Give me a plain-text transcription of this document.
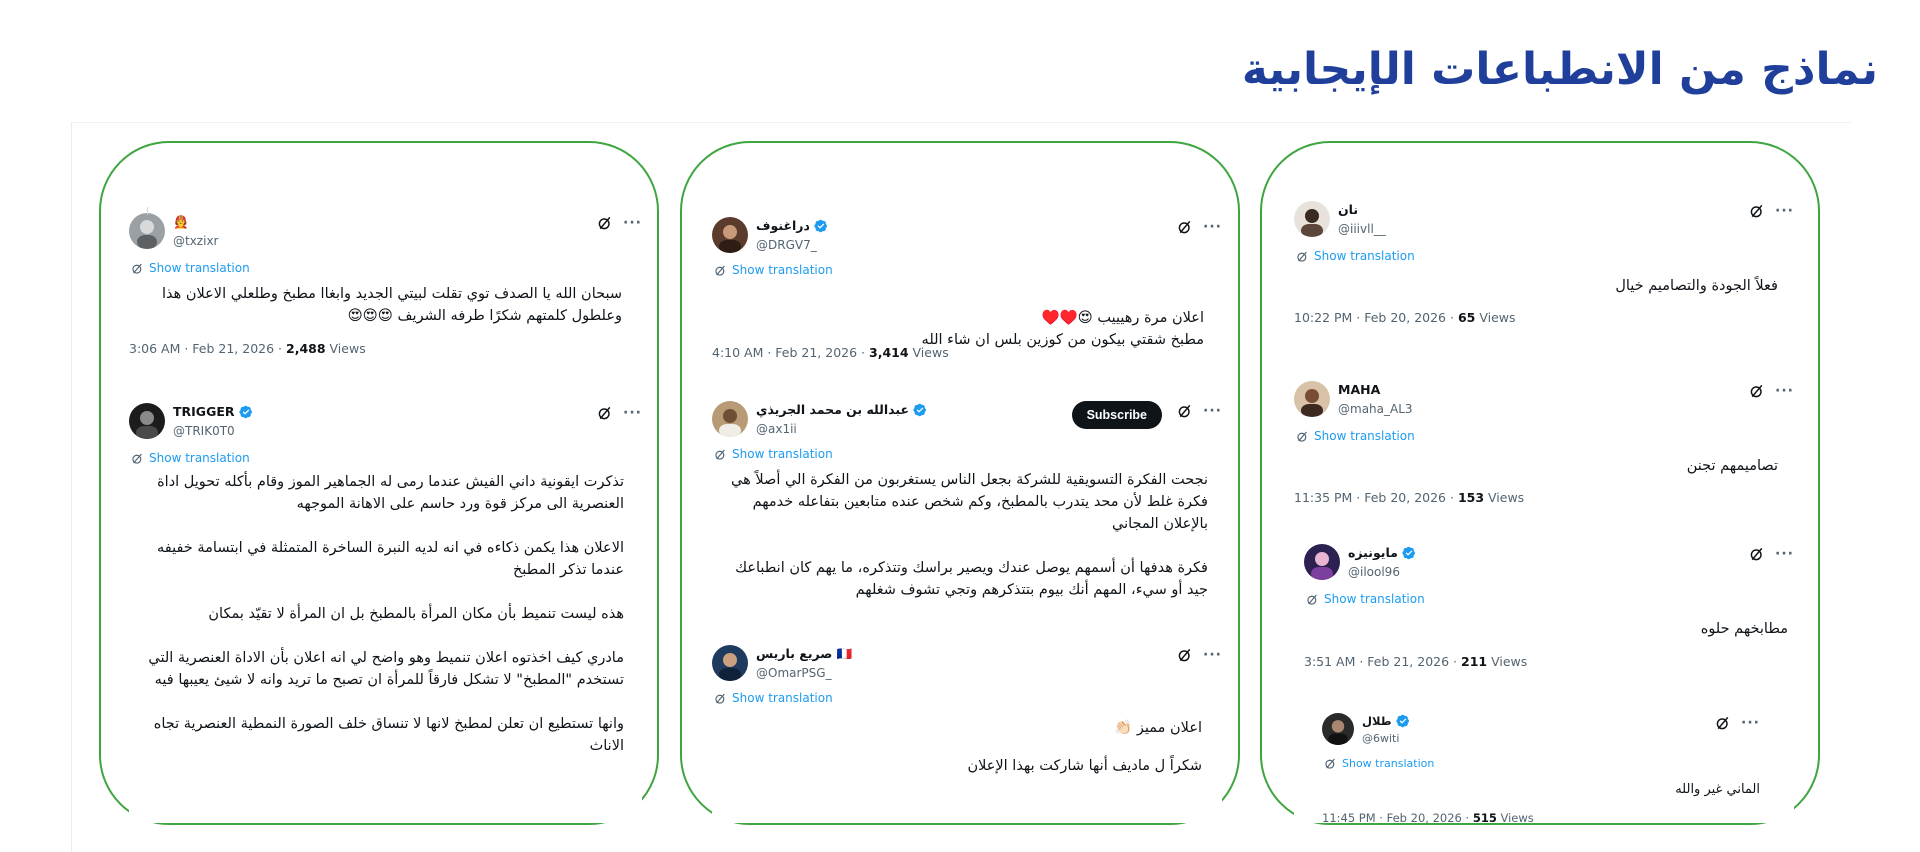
نماذج من الانطباعات الإيجابية
🧑‍🚒
@txzixr
···
Show translation
سبحان الله يا الصدف توي تقلت لبيتي الجديد وابغاا مطبخ وطلعلي الاعلان هذا وعلطول كلمتهم شكرًا طرفه الشريف 😍😍😍
3:06 AM · Feb 21, 2026 · 2,488 Views
TRIGGER
@TRIK0T0
···
Show translation
تذكرت ايقونية داني الفيش عندما رمى له الجماهير الموز وقام بأكله تحويل اداة العنصرية الى مركز قوة ورد حاسم على الاهانة الموجهه
الاعلان هذا يكمن ذكاءه في انه لديه النبرة الساخرة المتمثلة في ابتسامة خفيفه عندما تذكر المطبخ
هذه ليست تنميط بأن مكان المرأة بالمطبخ بل ان المرأة لا تقيّد بمكان
مادري كيف اخذتوه اعلان تنميط وهو واضح لي انه اعلان بأن الاداة العنصرية التي تستخدم "المطبخ" لا تشكل فارقاً للمرأة ان تصبح ما تريد وانه لا شيئ يعيبها فيه
وانها تستطيع ان تعلن لمطبخ لانها لا تنساق خلف الصورة النمطية العنصرية تجاه الاناث
دراغنوف
@DRGV7_
···
Show translation

اعلان مرة رهيييب 😍♥️♥️
مطبخ شقتي بيكون من كوزين بلس ان شاء الله

4:10 AM · Feb 21, 2026 · 3,414 Views
عبدالله بن محمد الجريذي
@ax1ii
Subscribe	···
Show translation
نجحت الفكرة التسويقية للشركة بجعل الناس يستغربون من الفكرة الي أصلاً هي فكرة غلط لأن محد يتدرب بالمطبخ، وكم شخص عنده متابعين بتفاعله خدمهم بالإعلان المجاني
فكرة هدفها أن أسمهم يوصل عندك ويصير براسك وتتذكره، ما يهم كان انطباعك جيد أو سيء، المهم أنك بيوم بتتذكرهم وتجي تشوف شغلهم
صريع باريس 🇫🇷
@OmarPSG_
···
Show translation
اعلان مميز 👏🏻
شكراً ل ماديف أنها شاركت بهذا الإعلان
نان
@iiivll__
···
Show translation
فعلاً الجودة والتصاميم خيال
10:22 PM · Feb 20, 2026 · 65 Views
MAHA
@maha_AL3
···
Show translation
تصاميمهم تجنن
11:35 PM · Feb 20, 2026 · 153 Views
مايونيزه
@ilool96
···
Show translation
مطابخهم حلوه
3:51 AM · Feb 21, 2026 · 211 Views
طلال
@6witi
···
Show translation
الماني غير والله
11:45 PM · Feb 20, 2026 · 515 Views
